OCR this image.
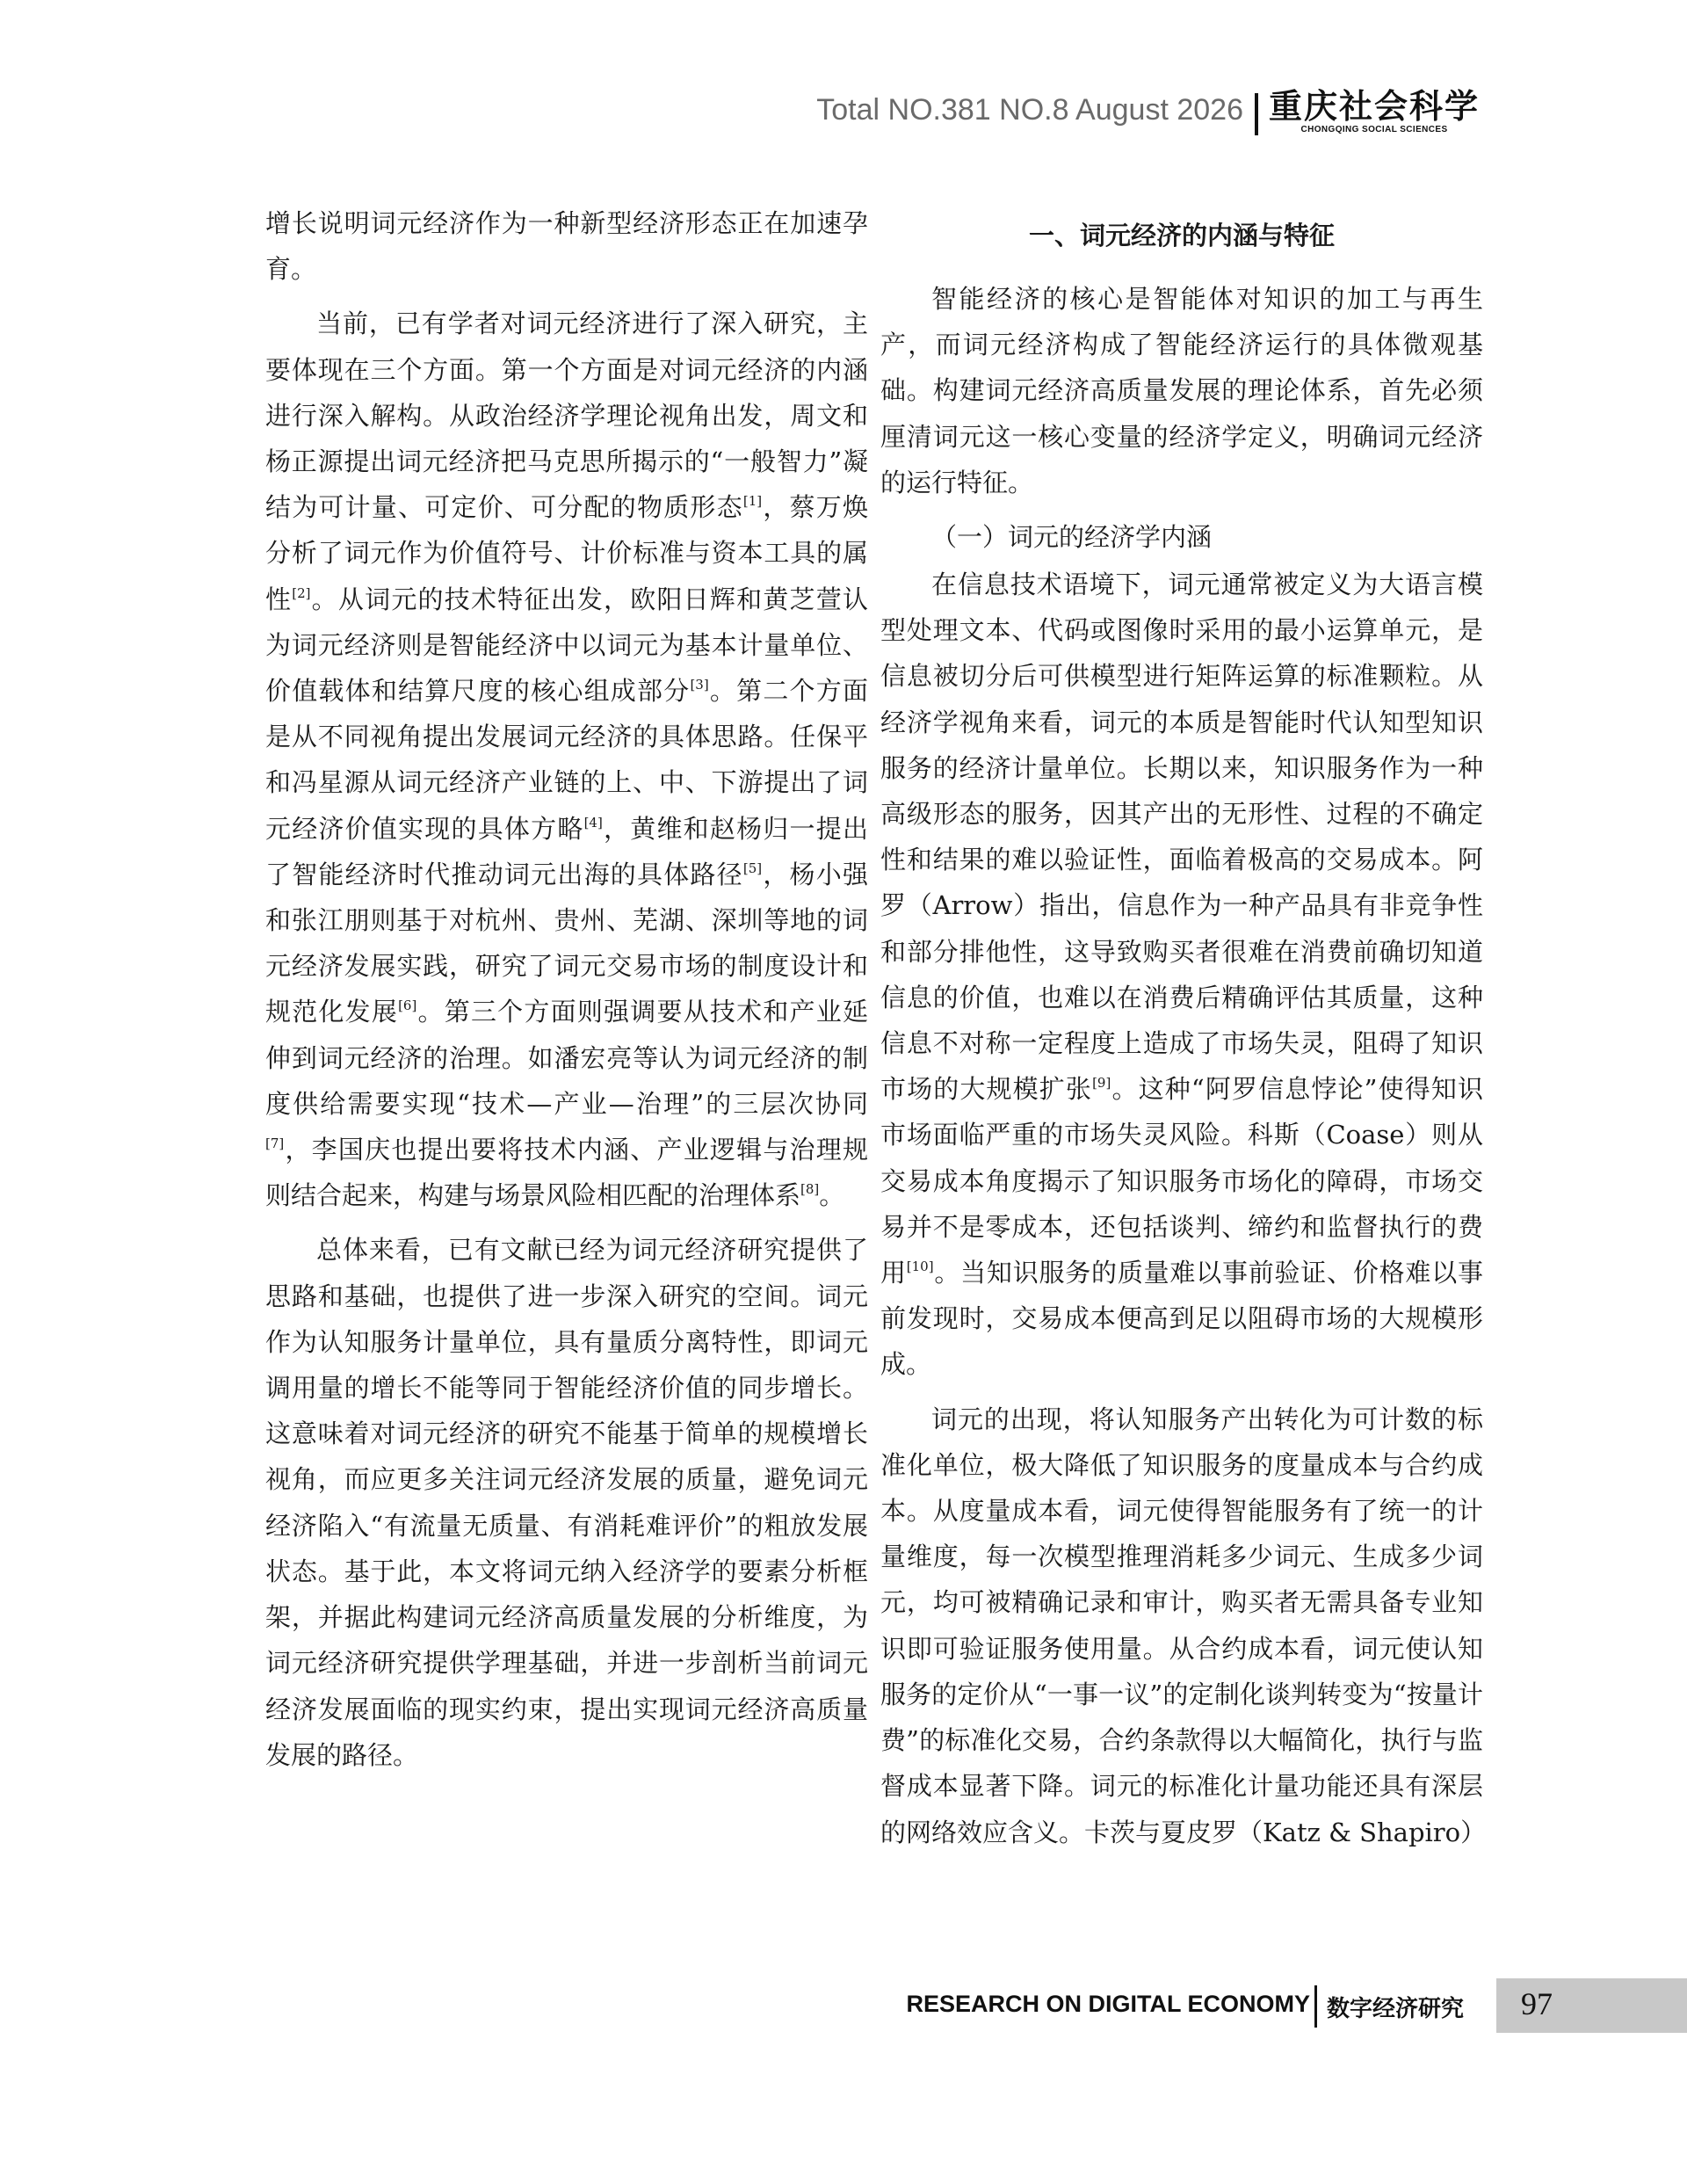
Total NO.381 NO.8 August 2026 重庆社会科学
CHONGQING SOCIAL SCIENCES

增长说明词元经济作为一种新型经济形态正在加速孕育。

当前，已有学者对词元经济进行了深入研究，主要体现在三个方面。第一个方面是对词元经济的内涵进行深入解构。从政治经济学理论视角出发，周文和杨正源提出词元经济把马克思所揭示的“一般智力”凝结为可计量、可定价、可分配的物质形态[1]，蔡万焕分析了词元作为价值符号、计价标准与资本工具的属性[2]。从词元的技术特征出发，欧阳日辉和黄芝萱认为词元经济则是智能经济中以词元为基本计量单位、价值载体和结算尺度的核心组成部分[3]。第二个方面是从不同视角提出发展词元经济的具体思路。任保平和冯星源从词元经济产业链的上、中、下游提出了词元经济价值实现的具体方略[4]，黄维和赵杨归一提出了智能经济时代推动词元出海的具体路径[5]，杨小强和张江朋则基于对杭州、贵州、芜湖、深圳等地的词元经济发展实践，研究了词元交易市场的制度设计和规范化发展[6]。第三个方面则强调要从技术和产业延伸到词元经济的治理。如潘宏亮等认为词元经济的制度供给需要实现“技术—产业—治理”的三层次协同[7]，李国庆也提出要将技术内涵、产业逻辑与治理规则结合起来，构建与场景风险相匹配的治理体系[8]。

总体来看，已有文献已经为词元经济研究提供了思路和基础，也提供了进一步深入研究的空间。词元作为认知服务计量单位，具有量质分离特性，即词元调用量的增长不能等同于智能经济价值的同步增长。这意味着对词元经济的研究不能基于简单的规模增长视角，而应更多关注词元经济发展的质量，避免词元经济陷入“有流量无质量、有消耗难评价”的粗放发展状态。基于此，本文将词元纳入经济学的要素分析框架，并据此构建词元经济高质量发展的分析维度，为词元经济研究提供学理基础，并进一步剖析当前词元经济发展面临的现实约束，提出实现词元经济高质量发展的路径。

一、词元经济的内涵与特征

智能经济的核心是智能体对知识的加工与再生产，而词元经济构成了智能经济运行的具体微观基础。构建词元经济高质量发展的理论体系，首先必须厘清词元这一核心变量的经济学定义，明确词元经济的运行特征。

（一）词元的经济学内涵

在信息技术语境下，词元通常被定义为大语言模型处理文本、代码或图像时采用的最小运算单元，是信息被切分后可供模型进行矩阵运算的标准颗粒。从经济学视角来看，词元的本质是智能时代认知型知识服务的经济计量单位。长期以来，知识服务作为一种高级形态的服务，因其产出的无形性、过程的不确定性和结果的难以验证性，面临着极高的交易成本。阿罗（Arrow）指出，信息作为一种产品具有非竞争性和部分排他性，这导致购买者很难在消费前确切知道信息的价值，也难以在消费后精确评估其质量，这种信息不对称一定程度上造成了市场失灵，阻碍了知识市场的大规模扩张[9]。这种“阿罗信息悖论”使得知识市场面临严重的市场失灵风险。科斯（Coase）则从交易成本角度揭示了知识服务市场化的障碍，市场交易并不是零成本，还包括谈判、缔约和监督执行的费用[10]。当知识服务的质量难以事前验证、价格难以事前发现时，交易成本便高到足以阻碍市场的大规模形成。

词元的出现，将认知服务产出转化为可计数的标准化单位，极大降低了知识服务的度量成本与合约成本。从度量成本看，词元使得智能服务有了统一的计量维度，每一次模型推理消耗多少词元、生成多少词元，均可被精确记录和审计，购买者无需具备专业知识即可验证服务使用量。从合约成本看，词元使认知服务的定价从“一事一议”的定制化谈判转变为“按量计费”的标准化交易，合约条款得以大幅简化，执行与监督成本显著下降。词元的标准化计量功能还具有深层的网络效应含义。卡茨与夏皮罗（Katz & Shapiro）

RESEARCH ON DIGITAL ECONOMY 数字经济研究 97
